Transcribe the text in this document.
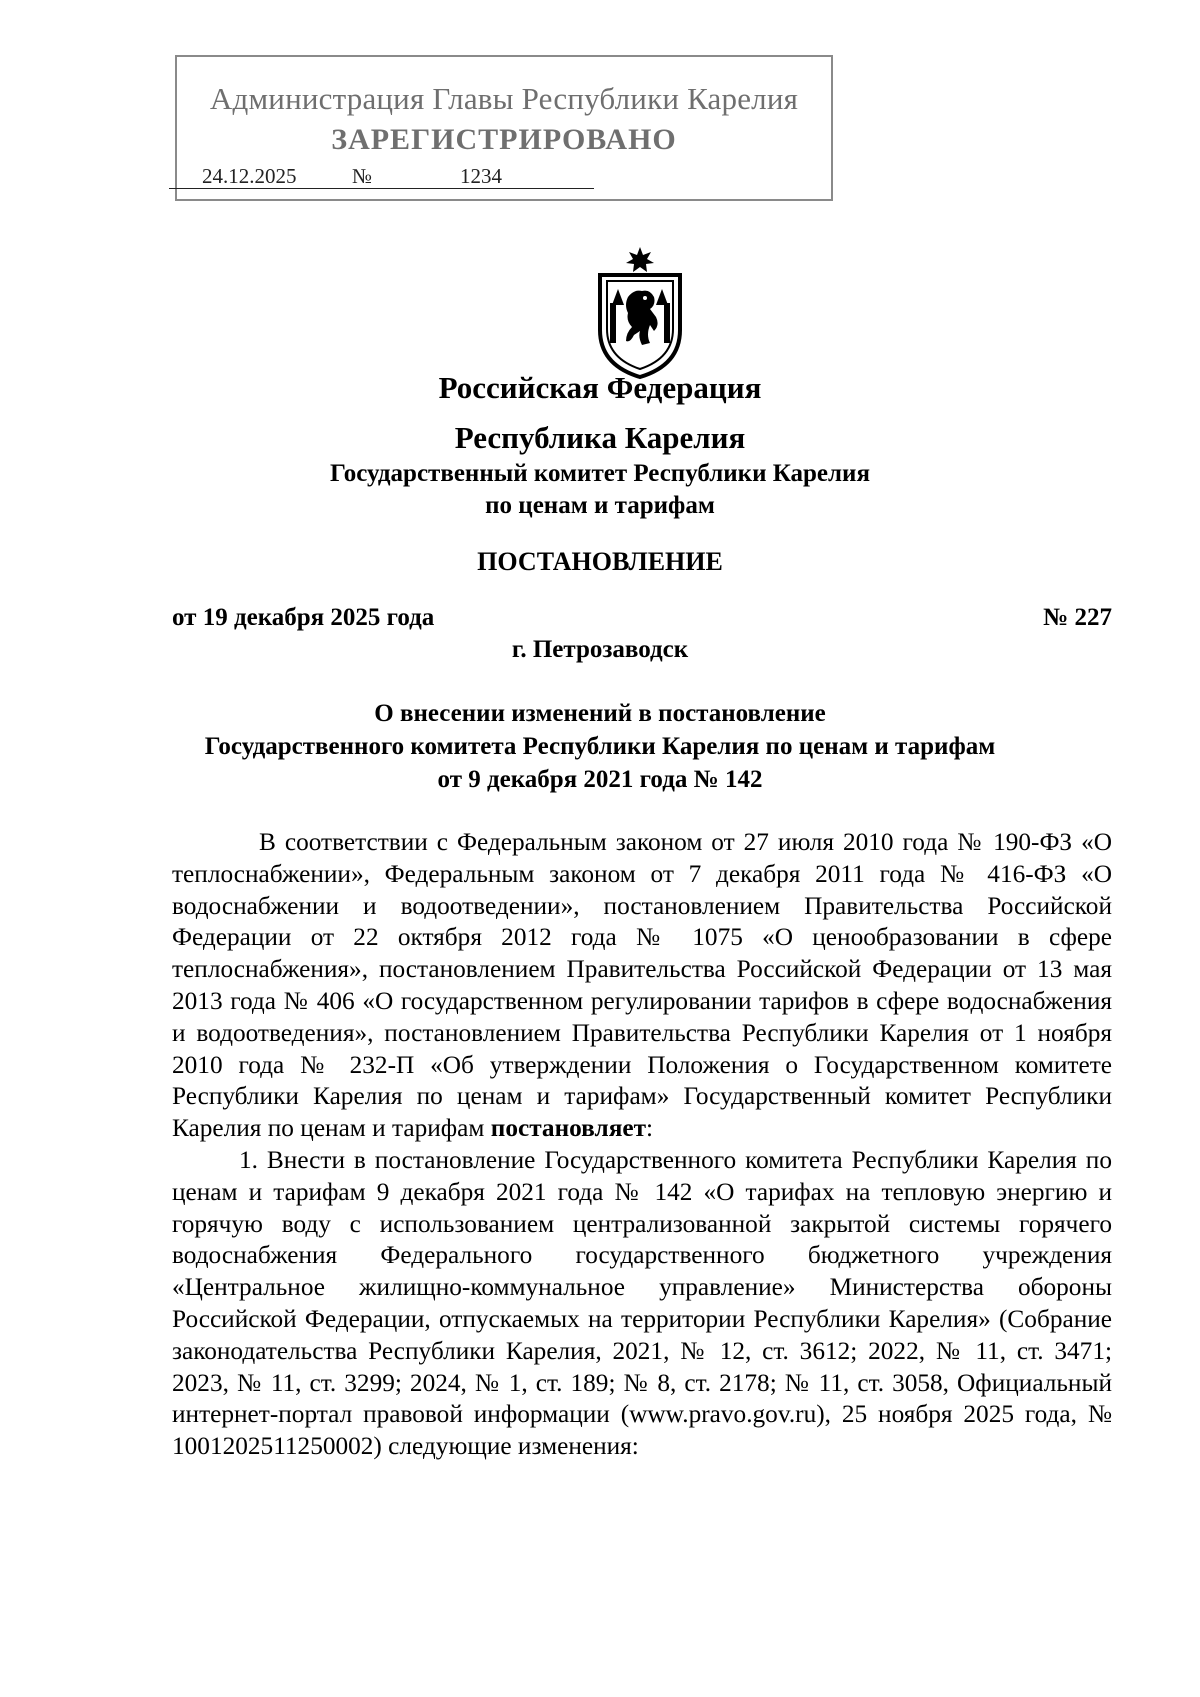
Администрация Главы Республики Карелия
ЗАРЕГИСТРИРОВАНО
24.12.2025	№	1234
Российская Федерация
Республика Карелия
Государственный комитет Республики Карелия
по ценам и тарифам
ПОСТАНОВЛЕНИЕ
от 19 декабря 2025 года	№ 227
г. Петрозаводск
О внесении изменений в постановление
Государственного комитета Республики Карелия по ценам и тарифам
от 9 декабря 2021 года № 142

В соответствии с Федеральным законом от 27 июля 2010 года № 190-ФЗ «О теплоснабжении», Федеральным законом от 7 декабря 2011 года № 416-ФЗ «О водоснабжении и водоотведении», постановлением Правительства Российской Федерации от 22 октября 2012 года № 1075 «О ценообразовании в сфере теплоснабжения», постановлением Правительства Российской Федерации от 13 мая 2013 года № 406 «О государственном регулировании тарифов в сфере водоснабжения и водоотведения», постановлением Правительства Республики Карелия от 1 ноября 2010 года № 232-П «Об утверждении Положения о Государственном комитете Республики Карелия по ценам и тарифам» Государственный комитет Республики Карелия по ценам и тарифам постановляет:

1. Внести в постановление Государственного комитета Республики Карелия по ценам и тарифам 9 декабря 2021 года № 142 «О тарифах на тепловую энергию и горячую воду с использованием централизованной закрытой системы горячего водоснабжения Федерального государственного бюджетного учреждения «Центральное жилищно-коммунальное управление» Министерства обороны Российской Федерации, отпускаемых на территории Республики Карелия» (Собрание законодательства Республики Карелия, 2021, № 12, ст. 3612; 2022, № 11, ст. 3471; 2023, № 11, ст. 3299; 2024, № 1, ст. 189; № 8, ст. 2178; № 11, ст. 3058, Официальный интернет-портал правовой информации (www.pravo.gov.ru), 25 ноября 2025 года, № 1001202511250002) следующие изменения:
